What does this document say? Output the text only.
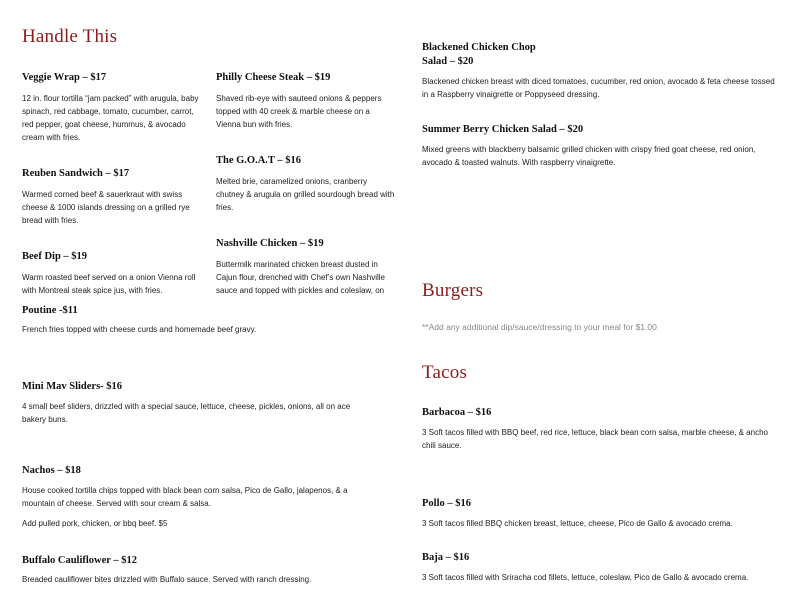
Handle This

Veggie Wrap – $17

12 in. flour tortilla “jam packed” with arugula, baby spinach, red cabbage, tomato, cucumber, carrot, red pepper, goat cheese, hummus, & avocado cream with fries.

Philly Cheese Steak – $19

Shaved rib-eye with sauteed onions & peppers topped with 40 creek & marble cheese on a Vienna bun with fries.

Reuben Sandwich – $17

Warmed corned beef & sauerkraut with swiss cheese & 1000 islands dressing on a grilled rye bread with fries.

The G.O.A.T – $16

Melted brie, caramelized onions, cranberry chutney & arugula on grilled sourdough bread with fries.

Beef Dip – $19

Warm roasted beef served on a onion Vienna roll with Montreal steak spice jus, with fries.

Nashville Chicken – $19

Buttermilk marinated chicken breast dusted in Cajun flour, drenched with Chef’s own Nashville sauce and topped with pickles and coleslaw, on

Poutine -$11

French fries topped with cheese curds and homemade beef gravy.

Mini Mav Sliders- $16

4 small beef sliders, drizzled with a special sauce, lettuce, cheese, pickles, onions, all on ace bakery buns.

Nachos – $18

House cooked tortilla chips topped with black bean corn salsa, Pico de Gallo, jalapenos, & a mountain of cheese. Served with sour cream & salsa.

Add pulled pork, chicken, or bbq beef. $5

Buffalo Cauliflower – $12

Breaded cauliflower bites drizzled with Buffalo sauce. Served with ranch dressing.

Blackened Chicken Chop

Salad – $20

Blackened chicken breast with diced tomatoes, cucumber, red onion, avocado & feta cheese tossed in a Raspberry vinaigrette or Poppyseed dressing.

Summer Berry Chicken Salad – $20

Mixed greens with blackberry balsamic grilled chicken with crispy fried goat cheese, red onion, avocado & toasted walnuts. With raspberry vinaigrette.

Burgers

**Add any additional dip/sauce/dressing to your meal for $1.00

Tacos

Barbacoa – $16

3 Soft tacos filled with BBQ beef, red rice, lettuce, black bean corn salsa, marble cheese, & ancho chili sauce.

Pollo – $16

3 Soft tacos filled BBQ chicken breast, lettuce, cheese, Pico de Gallo & avocado crema.

Baja – $16

3 Soft tacos filled with Sriracha cod fillets, lettuce, coleslaw, Pico de Gallo & avocado crema.
